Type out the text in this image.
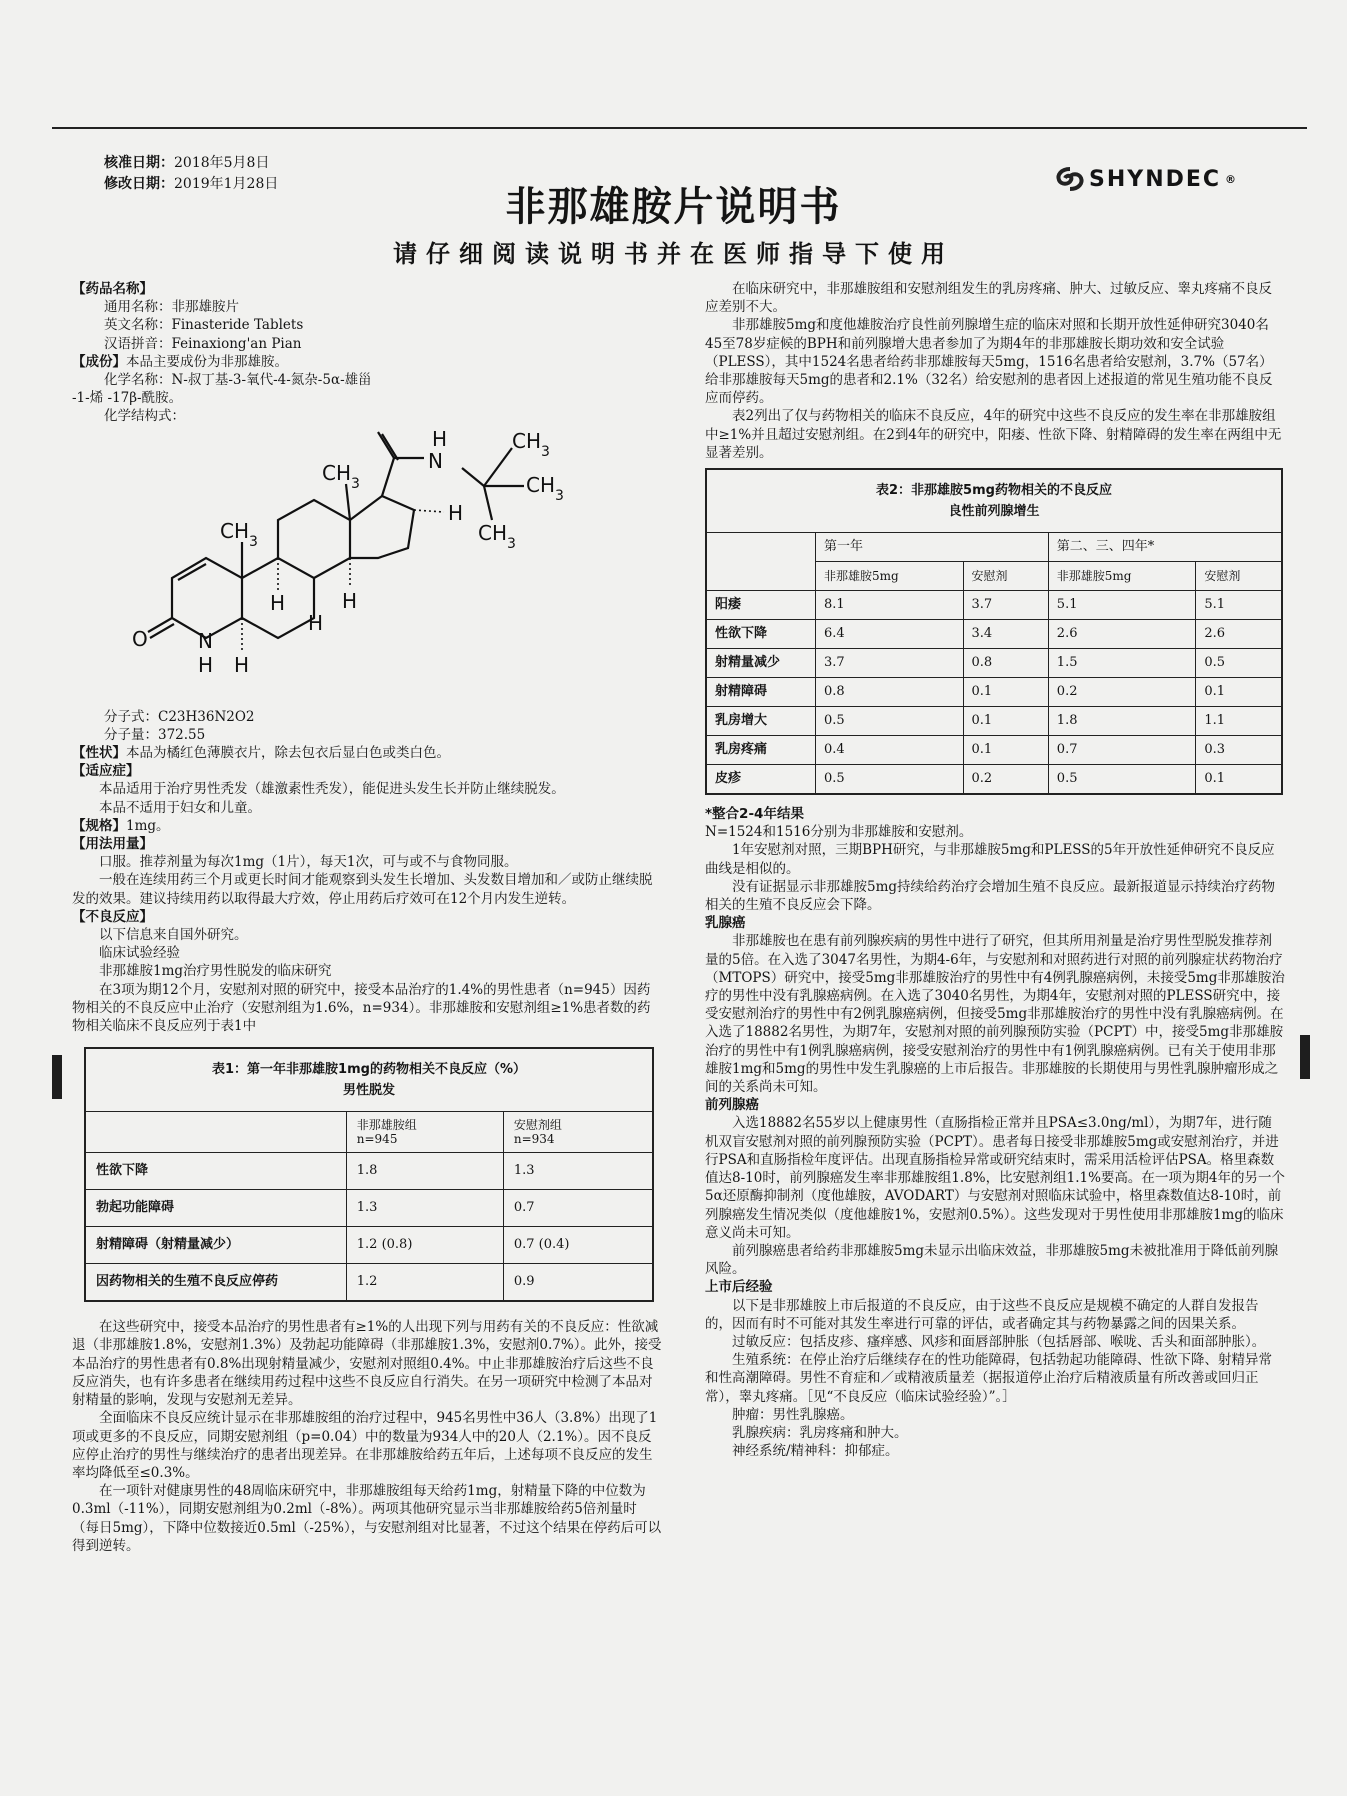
核准日期：2018年5月8日
修改日期：2019年1月28日	SHYNDEC ®
非那雄胺片说明书
请仔细阅读说明书并在医师指导下使用

【药品名称】

通用名称：非那雄胺片

英文名称：Finasteride Tablets

汉语拼音：Feinaxiong'an Pian

【成份】本品主要成份为非那雄胺。

化学名称：N-叔丁基-3-氧代-4-氮杂-5α-雄甾

-1-烯 -17β-酰胺。

化学结构式：

H
N
$CH_3$
$CH_3$
$CH_3$
$CH_3$
$CH_3$
H
H
H
H
O	N
H H

分子式：C23H36N2O2

分子量：372.55

【性状】本品为橘红色薄膜衣片，除去包衣后显白色或类白色。

【适应症】

本品适用于治疗男性秃发（雄激素性秃发），能促进头发生长并防止继续脱发。

本品不适用于妇女和儿童。

【规格】1mg。

【用法用量】

口服。推荐剂量为每次1mg（1片），每天1次，可与或不与食物同服。

一般在连续用药三个月或更长时间才能观察到头发生长增加、头发数目增加和／或防止继续脱发的效果。建议持续用药以取得最大疗效，停止用药后疗效可在12个月内发生逆转。

【不良反应】

以下信息来自国外研究。

临床试验经验

非那雄胺1mg治疗男性脱发的临床研究

在3项为期12个月，安慰剂对照的研究中，接受本品治疗的1.4%的男性患者（n=945）因药物相关的不良反应中止治疗（安慰剂组为1.6%，n=934）。非那雄胺和安慰剂组≥1%患者数的药物相关临床不良反应列于表1中

表1：第一年非那雄胺1mg的药物相关不良反应（%）
男性脱发		
	非那雄胺组
n=945	安慰剂组
n=934
性欲下降	1.8	1.3
勃起功能障碍	1.3	0.7
射精障碍（射精量减少）	1.2 (0.8)	0.7 (0.4)
因药物相关的生殖不良反应停药	1.2	0.9

在这些研究中，接受本品治疗的男性患者有≥1%的人出现下列与用药有关的不良反应：性欲减退（非那雄胺1.8%，安慰剂1.3%）及勃起功能障碍（非那雄胺1.3%，安慰剂0.7%）。此外，接受本品治疗的男性患者有0.8%出现射精量减少，安慰剂对照组0.4%。中止非那雄胺治疗后这些不良反应消失，也有许多患者在继续用药过程中这些不良反应自行消失。在另一项研究中检测了本品对射精量的影响，发现与安慰剂无差异。

全面临床不良反应统计显示在非那雄胺组的治疗过程中，945名男性中36人（3.8%）出现了1项或更多的不良反应，同期安慰剂组（p=0.04）中的数量为934人中的20人（2.1%）。因不良反应停止治疗的男性与继续治疗的患者出现差异。在非那雄胺给药五年后，上述每项不良反应的发生率均降低至≤0.3%。

在一项针对健康男性的48周临床研究中，非那雄胺组每天给药1mg，射精量下降的中位数为0.3ml（-11%），同期安慰剂组为0.2ml（-8%）。两项其他研究显示当非那雄胺给药5倍剂量时（每日5mg），下降中位数接近0.5ml（-25%），与安慰剂组对比显著，不过这个结果在停药后可以得到逆转。

在临床研究中，非那雄胺组和安慰剂组发生的乳房疼痛、肿大、过敏反应、睾丸疼痛不良反应差别不大。

非那雄胺5mg和度他雄胺治疗良性前列腺增生症的临床对照和长期开放性延伸研究3040名45至78岁症候的BPH和前列腺增大患者参加了为期4年的非那雄胺长期功效和安全试验（PLESS），其中1524名患者给药非那雄胺每天5mg，1516名患者给安慰剂，3.7%（57名）给非那雄胺每天5mg的患者和2.1%（32名）给安慰剂的患者因上述报道的常见生殖功能不良反应而停药。

表2列出了仅与药物相关的临床不良反应，4年的研究中这些不良反应的发生率在非那雄胺组中≥1%并且超过安慰剂组。在2到4年的研究中，阳痿、性欲下降、射精障碍的发生率在两组中无显著差别。

表2：非那雄胺5mg药物相关的不良反应
良性前列腺增生				
	第一年		第二、三、四年*	
	非那雄胺5mg	安慰剂	非那雄胺5mg	安慰剂
阳痿	8.1	3.7	5.1	5.1
性欲下降	6.4	3.4	2.6	2.6
射精量减少	3.7	0.8	1.5	0.5
射精障碍	0.8	0.1	0.2	0.1
乳房增大	0.5	0.1	1.8	1.1
乳房疼痛	0.4	0.1	0.7	0.3
皮疹	0.5	0.2	0.5	0.1

*整合2-4年结果

N=1524和1516分别为非那雄胺和安慰剂。

1年安慰剂对照，三期BPH研究，与非那雄胺5mg和PLESS的5年开放性延伸研究不良反应曲线是相似的。

没有证据显示非那雄胺5mg持续给药治疗会增加生殖不良反应。最新报道显示持续治疗药物相关的生殖不良反应会下降。

乳腺癌

非那雄胺也在患有前列腺疾病的男性中进行了研究，但其所用剂量是治疗男性型脱发推荐剂量的5倍。在入选了3047名男性，为期4-6年，与安慰剂和对照药进行对照的前列腺症状药物治疗（MTOPS）研究中，接受5mg非那雄胺治疗的男性中有4例乳腺癌病例，未接受5mg非那雄胺治疗的男性中没有乳腺癌病例。在入选了3040名男性，为期4年，安慰剂对照的PLESS研究中，接受安慰剂治疗的男性中有2例乳腺癌病例，但接受5mg非那雄胺治疗的男性中没有乳腺癌病例。在入选了18882名男性，为期7年，安慰剂对照的前列腺预防实验（PCPT）中，接受5mg非那雄胺治疗的男性中有1例乳腺癌病例，接受安慰剂治疗的男性中有1例乳腺癌病例。已有关于使用非那雄胺1mg和5mg的男性中发生乳腺癌的上市后报告。非那雄胺的长期使用与男性乳腺肿瘤形成之间的关系尚未可知。

前列腺癌

入选18882名55岁以上健康男性（直肠指检正常并且PSA≤3.0ng/ml），为期7年，进行随机双盲安慰剂对照的前列腺预防实验（PCPT）。患者每日接受非那雄胺5mg或安慰剂治疗，并进行PSA和直肠指检年度评估。出现直肠指检异常或研究结束时，需采用活检评估PSA。格里森数值达8-10时，前列腺癌发生率非那雄胺组1.8%，比安慰剂组1.1%要高。在一项为期4年的另一个5α还原酶抑制剂（度他雄胺，AVODART）与安慰剂对照临床试验中，格里森数值达8-10时，前列腺癌发生情况类似（度他雄胺1%，安慰剂0.5%）。这些发现对于男性使用非那雄胺1mg的临床意义尚未可知。

前列腺癌患者给药非那雄胺5mg未显示出临床效益，非那雄胺5mg未被批准用于降低前列腺风险。

上市后经验

以下是非那雄胺上市后报道的不良反应，由于这些不良反应是规模不确定的人群自发报告的，因而有时不可能对其发生率进行可靠的评估，或者确定其与药物暴露之间的因果关系。

过敏反应：包括皮疹、瘙痒感、风疹和面唇部肿胀（包括唇部、喉咙、舌头和面部肿胀）。

生殖系统：在停止治疗后继续存在的性功能障碍，包括勃起功能障碍、性欲下降、射精异常和性高潮障碍。男性不育症和／或精液质量差（据报道停止治疗后精液质量有所改善或回归正常），睾丸疼痛。［见“不良反应（临床试验经验）”。］

肿瘤：男性乳腺癌。

乳腺疾病：乳房疼痛和肿大。

神经系统/精神科：抑郁症。
